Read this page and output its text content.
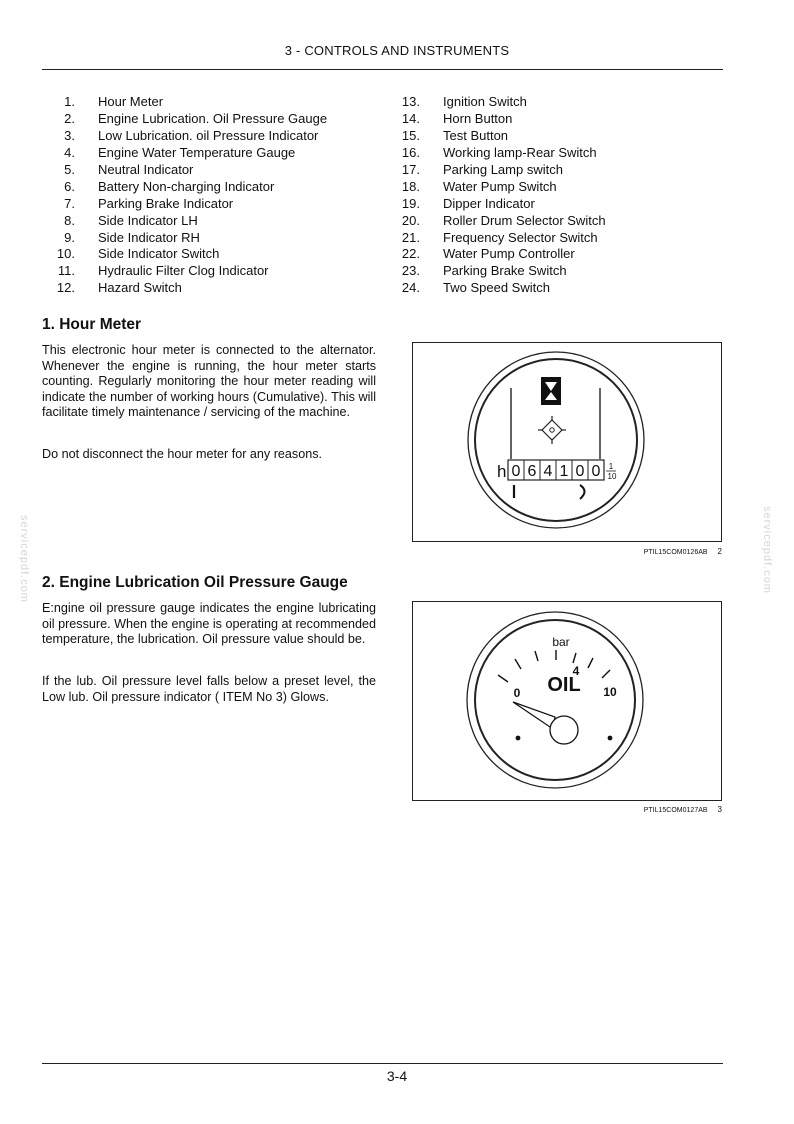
3 - CONTROLS AND INSTRUMENTS
1. Hour Meter
2. Engine Lubrication. Oil Pressure Gauge
3. Low Lubrication. oil Pressure Indicator
4. Engine Water Temperature Gauge
5. Neutral Indicator
6. Battery Non-charging Indicator
7. Parking Brake Indicator
8. Side Indicator LH
9. Side Indicator RH
10. Side Indicator Switch
11. Hydraulic Filter Clog Indicator
12. Hazard Switch
13. Ignition Switch
14. Horn Button
15. Test Button
16. Working lamp-Rear Switch
17. Parking Lamp switch
18. Water Pump Switch
19. Dipper Indicator
20. Roller Drum Selector Switch
21. Frequency Selector Switch
22. Water Pump Controller
23. Parking Brake Switch
24. Two Speed Switch
1. Hour Meter

This electronic hour meter is connected to the alternator. Whenever the engine is running, the hour meter starts counting. Regularly monitoring the hour meter reading will indicate the number of working hours (Cumulative). This will facilitate timely maintenance / servicing of the machine.

Do not disconnect the hour meter for any reasons.

h 0 6 4 1 0 0 1
10
PTIL15COM0126AB 2
2. Engine Lubrication Oil Pressure Gauge

E:ngine oil pressure gauge indicates the engine lubricating oil pressure. When the engine is operating at recommended temperature, the lubrication. Oil pressure value should be.

If the lub. Oil pressure level falls below a preset level, the Low lub. Oil pressure indicator ( ITEM No 3) Glows.

bar
0
4
10
OIL
PTIL15COM0127AB 3
servicepdf.com	servicepdf.com
3-4
